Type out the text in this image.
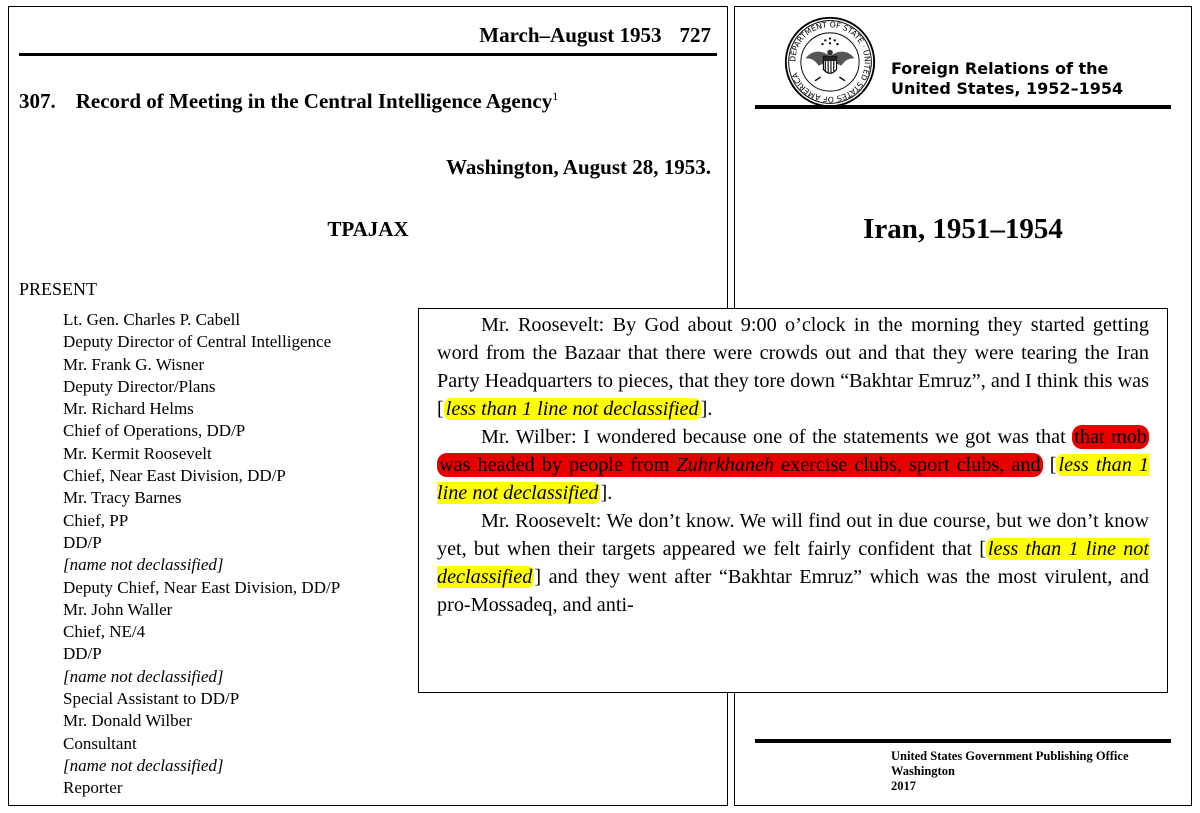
March–August 1953 727
307. Record of Meeting in the Central Intelligence Agency$^1$
Washington, August 28, 1953.
TPAJAX
PRESENT
Lt. Gen. Charles P. Cabell
Deputy Director of Central Intelligence
Mr. Frank G. Wisner
Deputy Director/Plans
Mr. Richard Helms
Chief of Operations, DD/P
Mr. Kermit Roosevelt
Chief, Near East Division, DD/P
Mr. Tracy Barnes
Chief, PP
DD/P
[name not declassified]
Deputy Chief, Near East Division, DD/P
Mr. John Waller
Chief, NE/4
DD/P
[name not declassified]
Special Assistant to DD/P
Mr. Donald Wilber
Consultant
[name not declassified]
Reporter
DEPARTMENT OF STATE · UNITED STATES OF AMERICA	Foreign Relations of the
United States, 1952–1954
Iran, 1951–1954
United States Government Publishing Office
Washington
2017

Mr. Roosevelt: By God about 9:00 o’clock in the morning they started getting word from the Bazaar that there were crowds out and that they were tearing the Iran Party Headquarters to pieces, that they tore down “Bakhtar Emruz”, and I think this was [less than 1 line not declassified].

Mr. Wilber: I wondered because one of the statements we got was that that mob was headed by people from Zuhrkhaneh exercise clubs, sport clubs, and [less than 1 line not declassified].

Mr. Roosevelt: We don’t know. We will find out in due course, but we don’t know yet, but when their targets appeared we felt fairly confident that [less than 1 line not declassified] and they went after “Bakhtar Emruz” which was the most virulent, and pro-Mossadeq, and anti-
